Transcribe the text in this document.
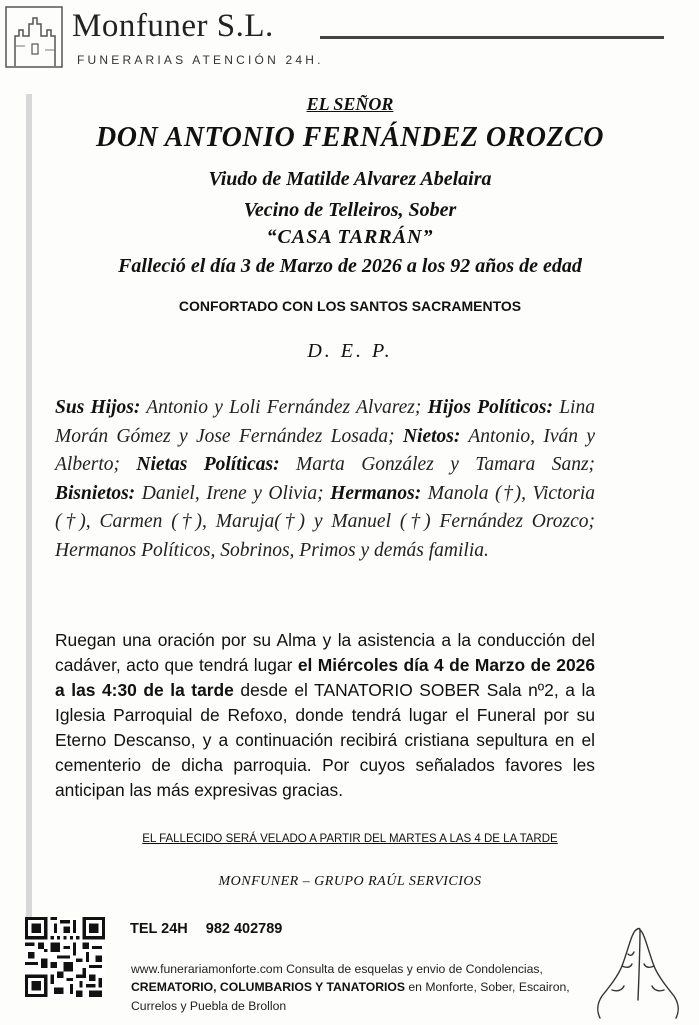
Monfuner S.L.
FUNERARIAS ATENCIÓN 24H.
EL SEÑOR
DON ANTONIO FERNÁNDEZ OROZCO
Viudo de Matilde Alvarez Abelaira
Vecino de Telleiros, Sober
“CASA TARRÁN”
Falleció el día 3 de Marzo de 2026 a los 92 años de edad
CONFORTADO CON LOS SANTOS SACRAMENTOS
D. E. P.
Sus Hijos: Antonio y Loli Fernández Alvarez; Hijos Políticos: Lina Morán Gómez y Jose Fernández Losada; Nietos: Antonio, Iván y Alberto; Nietas Políticas: Marta González y Tamara Sanz; Bisnietos: Daniel, Irene y Olivia; Hermanos: Manola (†), Victoria (†), Carmen (†), Maruja(†) y Manuel (†) Fernández Orozco; Hermanos Políticos, Sobrinos, Primos y demás familia.
Ruegan una oración por su Alma y la asistencia a la conducción del cadáver, acto que tendrá lugar el Miércoles día 4 de Marzo de 2026 a las 4:30 de la tarde desde el TANATORIO SOBER Sala nº2, a la Iglesia Parroquial de Refoxo, donde tendrá lugar el Funeral por su Eterno Descanso, y a continuación recibirá cristiana sepultura en el cementerio de dicha parroquia. Por cuyos señalados favores les anticipan las más expresivas gracias.
EL FALLECIDO SERÁ VELADO A PARTIR DEL MARTES A LAS 4 DE LA TARDE
MONFUNER – GRUPO RAÚL SERVICIOS
TEL 24H 982 402789
www.funerariamonforte.com Consulta de esquelas y envio de Condolencias, CREMATORIO, COLUMBARIOS Y TANATORIOS en Monforte, Sober, Escairon, Currelos y Puebla de Brollon
